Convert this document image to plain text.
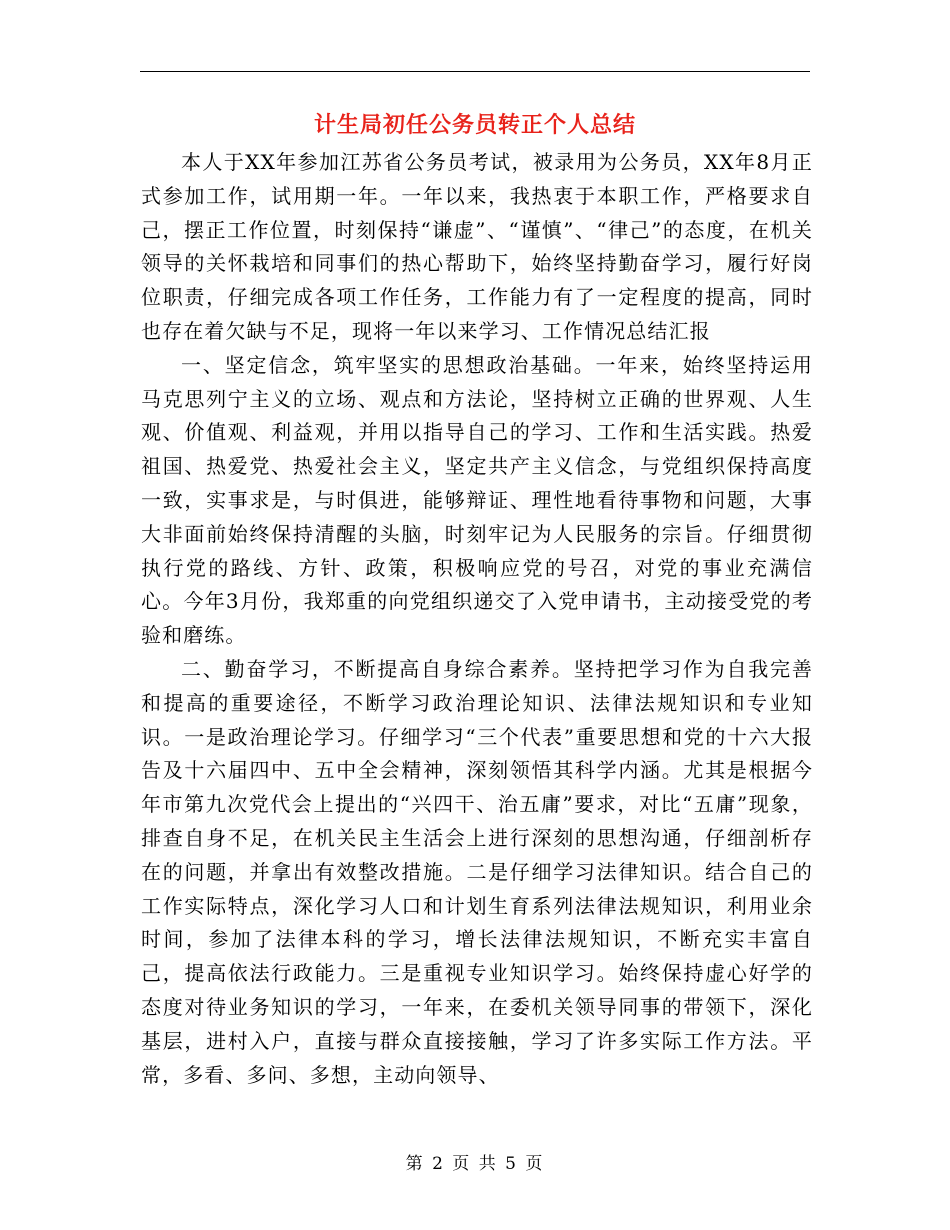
计生局初任公务员转正个人总结

本人于XX年参加江苏省公务员考试，被录用为公务员，XX年8月正式参加工作，试用期一年。一年以来，我热衷于本职工作，严格要求自己，摆正工作位置，时刻保持“谦虚”、“谨慎”、“律己”的态度，在机关领导的关怀栽培和同事们的热心帮助下，始终坚持勤奋学习，履行好岗位职责，仔细完成各项工作任务，工作能力有了一定程度的提高，同时也存在着欠缺与不足，现将一年以来学习、工作情况总结汇报

一、坚定信念，筑牢坚实的思想政治基础。一年来，始终坚持运用马克思列宁主义的立场、观点和方法论，坚持树立正确的世界观、人生观、价值观、利益观，并用以指导自己的学习、工作和生活实践。热爱祖国、热爱党、热爱社会主义，坚定共产主义信念，与党组织保持高度一致，实事求是，与时俱进，能够辩证、理性地看待事物和问题，大事大非面前始终保持清醒的头脑，时刻牢记为人民服务的宗旨。仔细贯彻执行党的路线、方针、政策，积极响应党的号召，对党的事业充满信心。今年3月份，我郑重的向党组织递交了入党申请书，主动接受党的考验和磨练。

二、勤奋学习，不断提高自身综合素养。坚持把学习作为自我完善和提高的重要途径，不断学习政治理论知识、法律法规知识和专业知识。一是政治理论学习。仔细学习“三个代表”重要思想和党的十六大报告及十六届四中、五中全会精神，深刻领悟其科学内涵。尤其是根据今年市第九次党代会上提出的“兴四干、治五庸”要求，对比“五庸”现象，排查自身不足，在机关民主生活会上进行深刻的思想沟通，仔细剖析存在的问题，并拿出有效整改措施。二是仔细学习法律知识。结合自己的工作实际特点，深化学习人口和计划生育系列法律法规知识，利用业余时间，参加了法律本科的学习，增长法律法规知识，不断充实丰富自己，提高依法行政能力。三是重视专业知识学习。始终保持虚心好学的态度对待业务知识的学习，一年来，在委机关领导同事的带领下，深化基层，进村入户，直接与群众直接接触，学习了许多实际工作方法。平常，多看、多问、多想，主动向领导、

第 2 页 共 5 页
